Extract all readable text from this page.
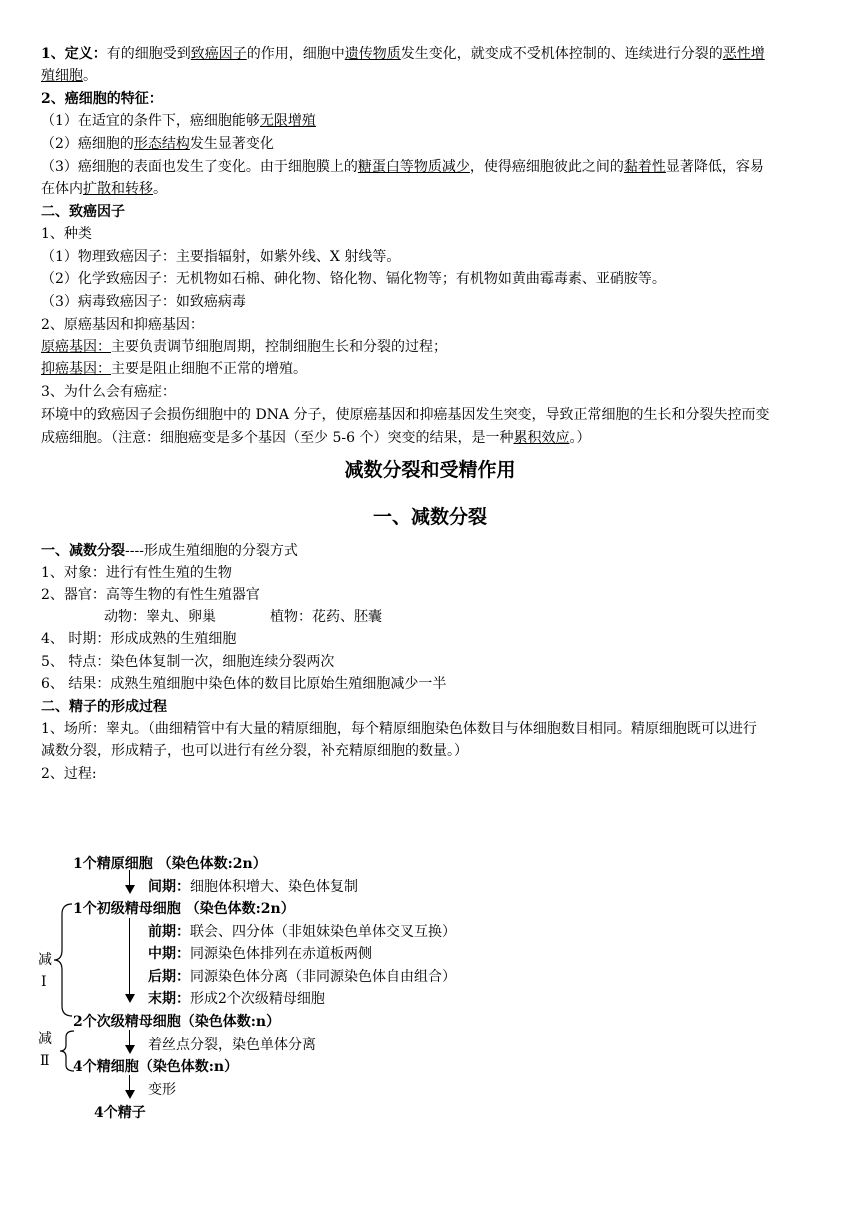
1、定义：有的细胞受到致癌因子的作用，细胞中遗传物质发生变化，就变成不受机体控制的、连续进行分裂的恶性增
殖细胞。
2、癌细胞的特征：
（1）在适宜的条件下，癌细胞能够无限增殖
（2）癌细胞的形态结构发生显著变化
（3）癌细胞的表面也发生了变化。由于细胞膜上的糖蛋白等物质减少，使得癌细胞彼此之间的黏着性显著降低，容易
在体内扩散和转移。
二、致癌因子
1、种类
（1）物理致癌因子：主要指辐射，如紫外线、X 射线等。
（2）化学致癌因子：无机物如石棉、砷化物、铬化物、镉化物等；有机物如黄曲霉毒素、亚硝胺等。
（3）病毒致癌因子：如致癌病毒
2、原癌基因和抑癌基因：
原癌基因：主要负责调节细胞周期，控制细胞生长和分裂的过程；
抑癌基因：主要是阻止细胞不正常的增殖。
3、为什么会有癌症：
环境中的致癌因子会损伤细胞中的 DNA 分子，使原癌基因和抑癌基因发生突变，导致正常细胞的生长和分裂失控而变
成癌细胞。（注意：细胞癌变是多个基因（至少 5-6 个）突变的结果，是一种累积效应。）
减数分裂和受精作用
一、减数分裂
一、减数分裂----形成生殖细胞的分裂方式
1、对象：进行有性生殖的生物
2、器官：高等生物的有性生殖器官
动物：睾丸、卵巢	植物：花药、胚囊
4、 时期：形成成熟的生殖细胞
5、 特点：染色体复制一次，细胞连续分裂两次
6、 结果：成熟生殖细胞中染色体的数目比原始生殖细胞减少一半
二、精子的形成过程
1、场所：睾丸。（曲细精管中有大量的精原细胞，每个精原细胞染色体数目与体细胞数目相同。精原细胞既可以进行
减数分裂，形成精子，也可以进行有丝分裂，补充精原细胞的数量。）
2、过程:
1个精原细胞 （染色体数:2n）
间期：细胞体积增大、染色体复制
1个初级精母细胞 （染色体数:2n）
前期：联会、四分体（非姐妹染色单体交叉互换）
中期：同源染色体排列在赤道板两侧
后期：同源染色体分离（非同源染色体自由组合）
末期：形成2个次级精母细胞
2个次级精母细胞（染色体数:n）
着丝点分裂，染色单体分离
4个精细胞（染色体数:n）
变形
4个精子
减
Ⅰ
减
Ⅱ
